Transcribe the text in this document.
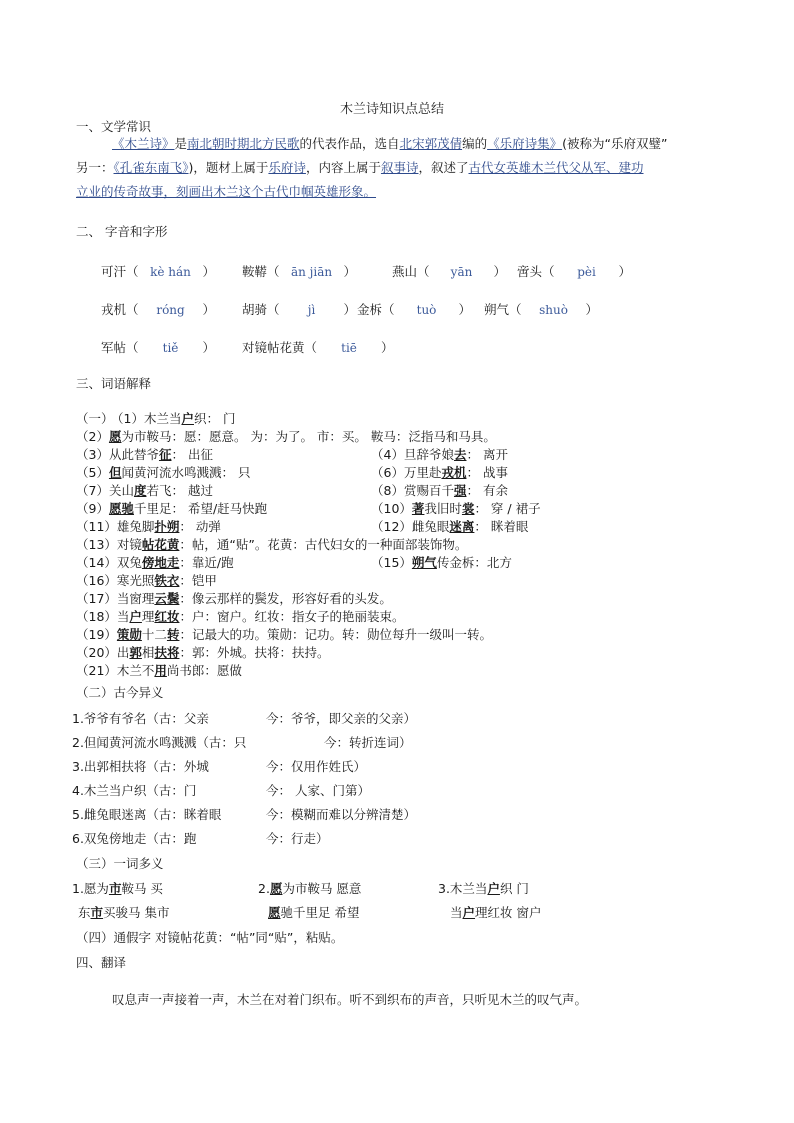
木兰诗知识点总结
一、文学常识
《木兰诗》是南北朝时期北方民歌的代表作品，选自北宋郭茂倩编的《乐府诗集》(被称为“乐府双璧”
另一：《孔雀东南飞》)，题材上属于乐府诗，内容上属于叙事诗，叙述了古代女英雄木兰代父从军、建功
立业的传奇故事，刻画出木兰这个古代巾帼英雄形象。
二、 字音和字形
可汗（ kè hán ） 鞍鞯（ ān jiān ）	燕山（ yān ） 啻头（ pèi ）
戎机（ róng ） 胡骑（ jì ） 金柝（ tuò ） 朔气（ shuò ）
军帖（ tiě ） 对镜帖花黄（ tiē ）
三、词语解释
（一）
（1）木兰当户织： 门
（2）愿为市鞍马：愿：愿意。 为：为了。 市：买。 鞍马：泛指马和马具。
（3）从此替爷征： 出征	（4）旦辞爷娘去： 离开
（5）但闻黄河流水鸣溅溅： 只	（6）万里赴戎机： 战事
（7）关山度若飞： 越过	（8）赏赐百千强： 有余
（9）愿驰千里足： 希望/赶马快跑	（10）著我旧时裳： 穿 / 裙子
（11）雄兔脚扑朔： 动弹	（12）雌兔眼迷离： 眯着眼
（13）对镜帖花黄：帖，通“贴”。花黄：古代妇女的一种面部装饰物。
（14）双兔傍地走：靠近/跑	（15）朔气传金柝：北方
（16）寒光照铁衣：铠甲
（17）当窗理云鬓：像云那样的鬓发，形容好看的头发。
（18）当户理红妆：户：窗户。红妆：指女子的艳丽装束。
（19）策勋十二转：记最大的功。策勋：记功。转：勋位每升一级叫一转。
（20）出郭相扶将：郭：外城。扶将：扶持。
（21）木兰不用尚书郎：愿做
（二）古今异义
1.爷爷有爷名（古：父亲	今：爷爷，即父亲的父亲）
2.但闻黄河流水鸣溅溅（古：只	今：转折连词）
3.出郭相扶将（古：外城	今：仅用作姓氏）
4.木兰当户织（古：门	今： 人家、门第）
5.雌兔眼迷离（古：眯着眼	今：模糊而难以分辨清楚）
6.双兔傍地走（古：跑	今：行走）
（三）一词多义
1.愿为市鞍马 买	2.愿为市鞍马 愿意	3.木兰当户织 门
东市买骏马 集市	愿驰千里足 希望	当户理红妆 窗户
（四）通假字 对镜帖花黄：“帖”同“贴”，粘贴。
四、翻译
叹息声一声接着一声，木兰在对着门织布。听不到织布的声音，只听见木兰的叹气声。
